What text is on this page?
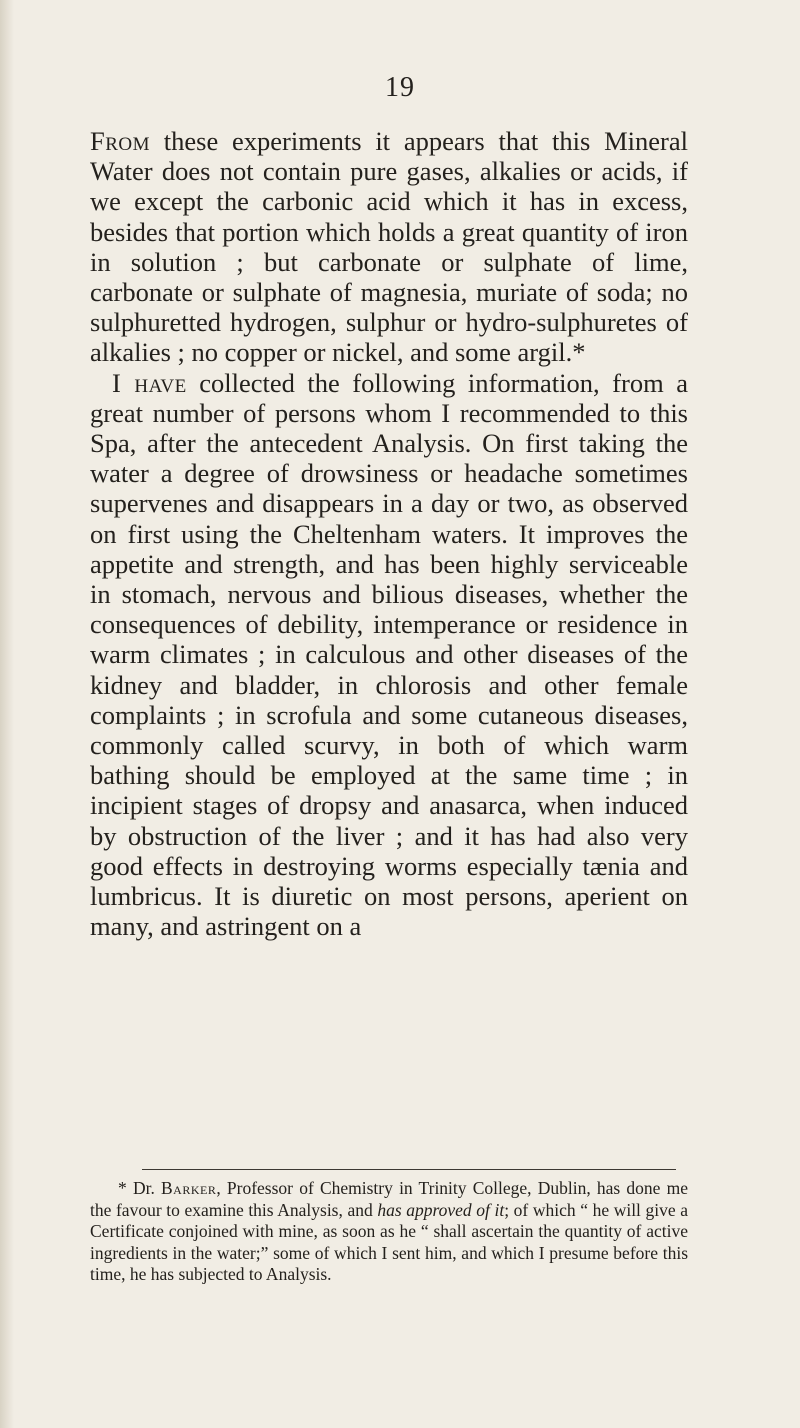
19

From these experiments it appears that this Mineral Water does not contain pure gases, alkalies or acids, if we except the carbonic acid which it has in excess, besides that portion which holds a great quantity of iron in solution ; but carbonate or sulphate of lime, carbonate or sulphate of magnesia, muriate of soda; no sulphuretted hydrogen, sulphur or hydro-sulphuretes of alkalies ; no copper or nickel, and some argil.*

I have collected the following information, from a great number of persons whom I recommended to this Spa, after the antecedent Analysis. On first taking the water a degree of drowsiness or headache sometimes supervenes and disappears in a day or two, as observed on first using the Cheltenham waters. It improves the appetite and strength, and has been highly serviceable in stomach, nervous and bilious diseases, whether the consequences of debility, intemperance or residence in warm climates ; in calculous and other diseases of the kidney and bladder, in chlorosis and other female complaints ; in scrofula and some cutaneous diseases, commonly called scurvy, in both of which warm bathing should be employed at the same time ; in incipient stages of dropsy and anasarca, when induced by obstruction of the liver ; and it has had also very good effects in destroying worms especially tænia and lumbricus. It is diuretic on most persons, aperient on many, and astringent on a

* Dr. Barker, Professor of Chemistry in Trinity College, Dublin, has done me the favour to examine this Analysis, and has approved of it; of which “ he will give a Certificate conjoined with mine, as soon as he “ shall ascertain the quantity of active ingredients in the water;” some of which I sent him, and which I presume before this time, he has subjected to Analysis.
